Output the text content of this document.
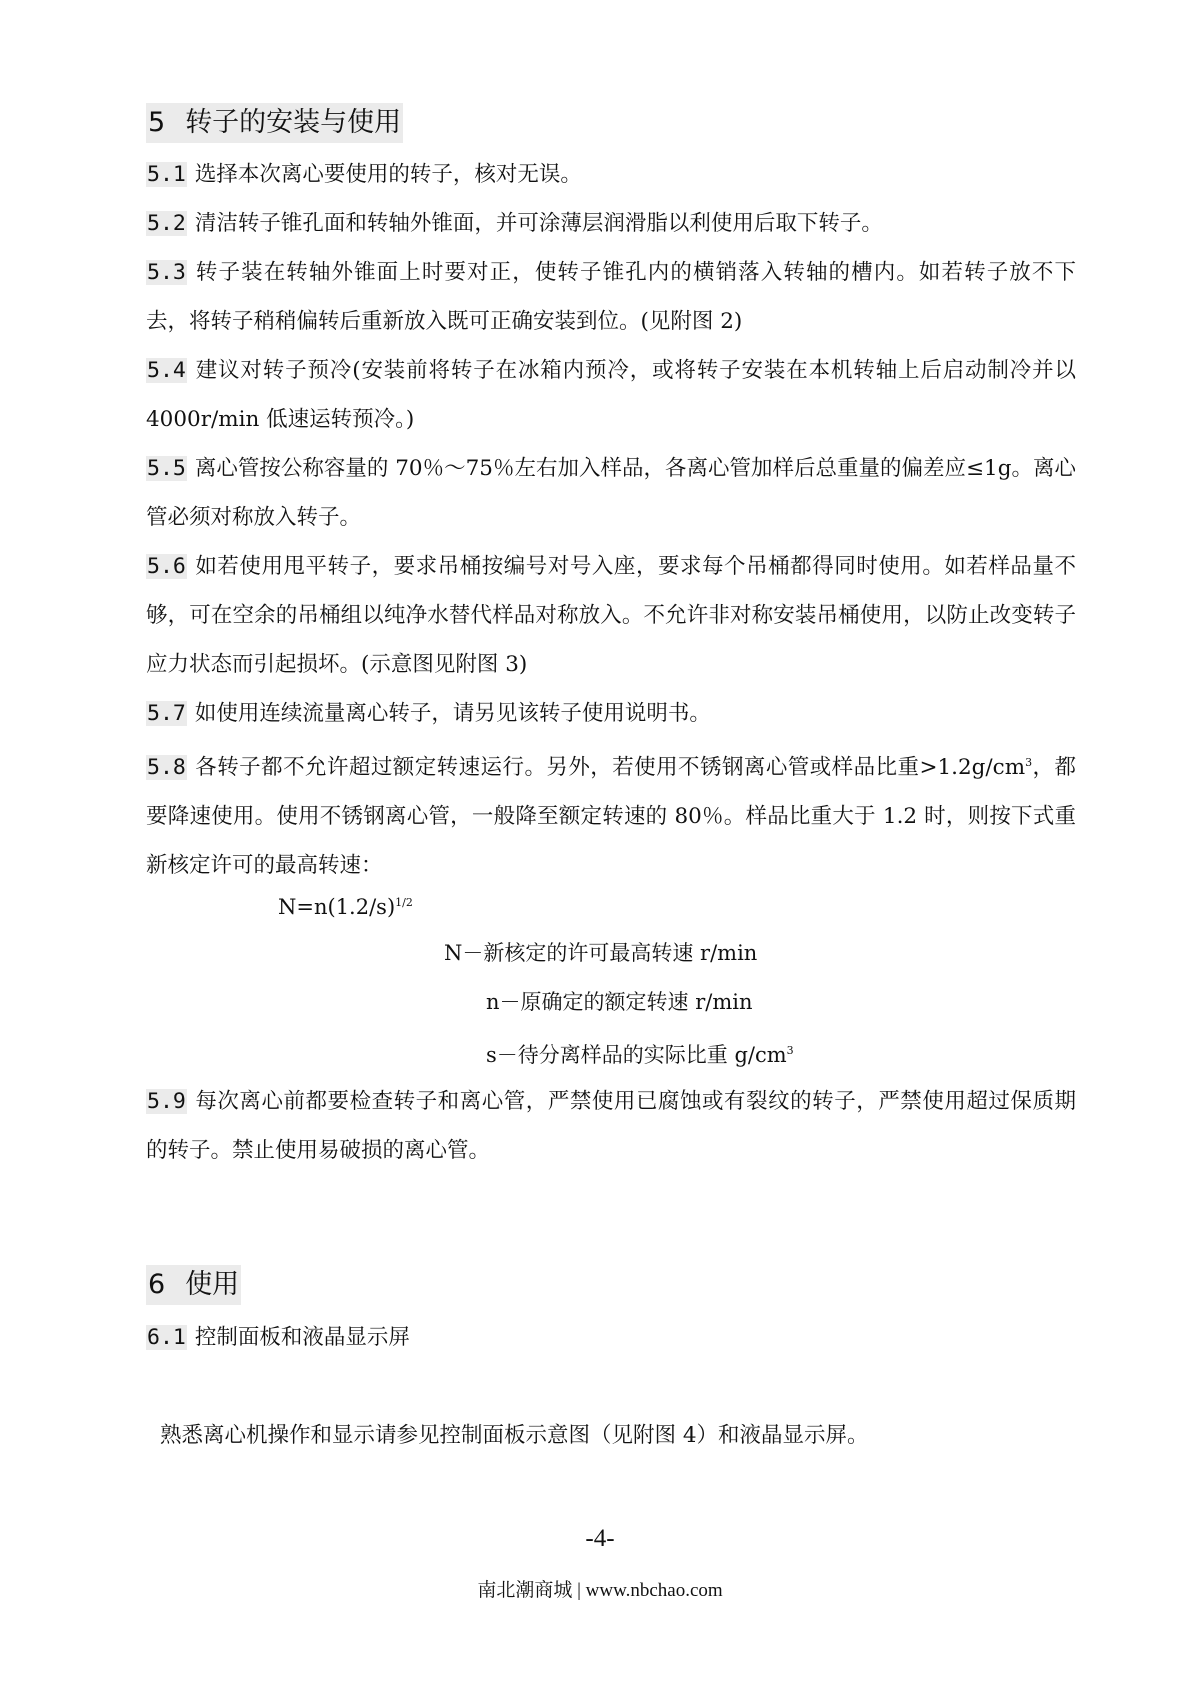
5 转子的安装与使用
5.1 选择本次离心要使用的转子，核对无误。
5.2 清洁转子锥孔面和转轴外锥面，并可涂薄层润滑脂以利使用后取下转子。
5.3 转子装在转轴外锥面上时要对正，使转子锥孔内的横销落入转轴的槽内。如若转子放不下去，将转子稍稍偏转后重新放入既可正确安装到位。(见附图 2)
5.4 建议对转子预冷(安装前将转子在冰箱内预冷，或将转子安装在本机转轴上后启动制冷并以 4000r/min 低速运转预冷。)
5.5 离心管按公称容量的 70％～75％左右加入样品，各离心管加样后总重量的偏差应≤1g。离心管必须对称放入转子。
5.6 如若使用甩平转子，要求吊桶按编号对号入座，要求每个吊桶都得同时使用。如若样品量不够，可在空余的吊桶组以纯净水替代样品对称放入。不允许非对称安装吊桶使用，以防止改变转子应力状态而引起损坏。(示意图见附图 3)
5.7 如使用连续流量离心转子，请另见该转子使用说明书。
5.8 各转子都不允许超过额定转速运行。另外，若使用不锈钢离心管或样品比重$>1.2g/cm^3$，都要降速使用。使用不锈钢离心管，一般降至额定转速的 80％。样品比重大于 1.2 时，则按下式重新核定许可的最高转速：
$N=n(1.2/s)^{1/2}$
N－新核定的许可最高转速 r/min
n－原确定的额定转速 r/min
s－待分离样品的实际比重 $g/cm^3$
5.9 每次离心前都要检查转子和离心管，严禁使用已腐蚀或有裂纹的转子，严禁使用超过保质期的转子。禁止使用易破损的离心管。
6 使用
6.1 控制面板和液晶显示屏
熟悉离心机操作和显示请参见控制面板示意图（见附图 4）和液晶显示屏。
-4-
南北潮商城 | www.nbchao.com
